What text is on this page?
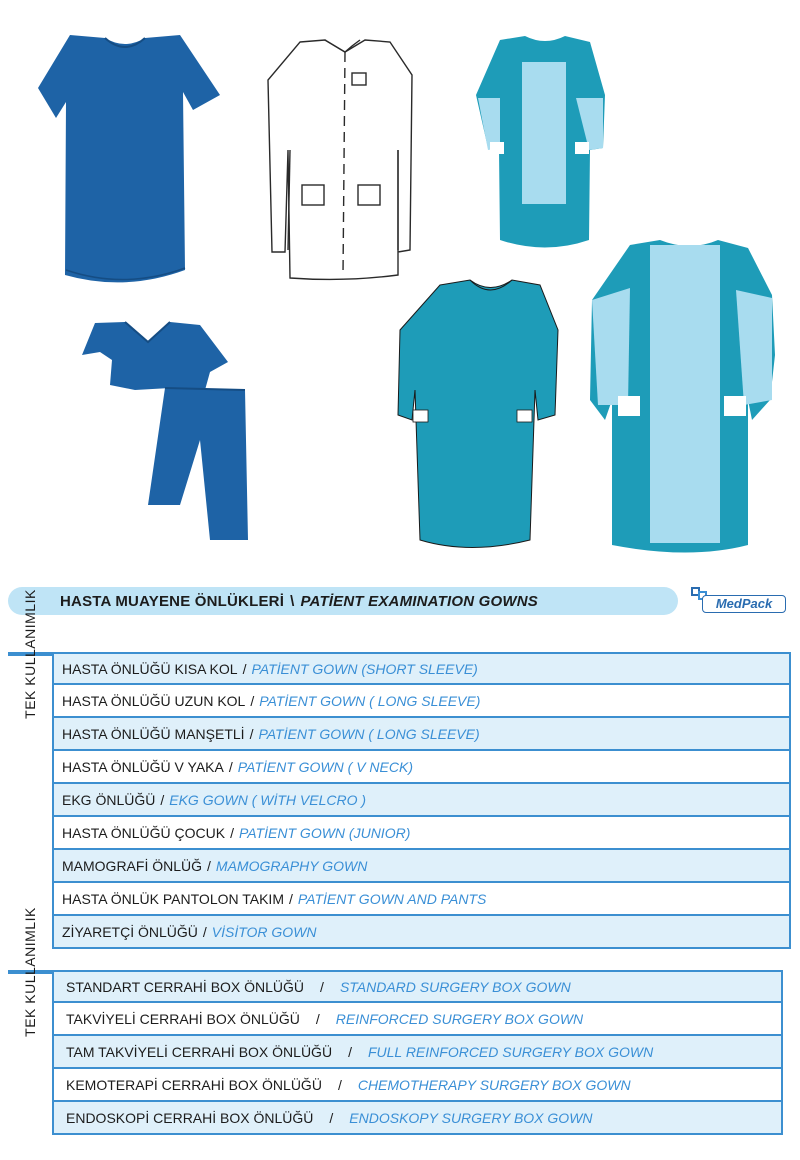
HASTA MUAYENE ÖNLÜKLERİ \ PATİENT EXAMINATION GOWNS	MedPack
TEK KULLANIMLIK HASTA ÖNLÜĞÜ KISA KOL / PATİENT GOWN (SHORT SLEEVE)
HASTA ÖNLÜĞÜ UZUN KOL / PATİENT GOWN ( LONG SLEEVE)
HASTA ÖNLÜĞÜ MANŞETLİ / PATİENT GOWN ( LONG SLEEVE)
HASTA ÖNLÜĞÜ V YAKA / PATİENT GOWN ( V NECK)
EKG ÖNLÜĞÜ / EKG GOWN ( WİTH VELCRO )
HASTA ÖNLÜĞÜ ÇOCUK / PATİENT GOWN (JUNIOR)
MAMOGRAFİ ÖNLÜĞ / MAMOGRAPHY GOWN
HASTA ÖNLÜK PANTOLON TAKIM / PATİENT GOWN AND PANTS
ZİYARETÇİ ÖNLÜĞÜ / VİSİTOR GOWN
TEK KULLANIMLIK STANDART CERRAHİ BOX ÖNLÜĞÜ / STANDARD SURGERY BOX GOWN
TAKVİYELİ CERRAHİ BOX ÖNLÜĞÜ / REINFORCED SURGERY BOX GOWN
TAM TAKVİYELİ CERRAHİ BOX ÖNLÜĞÜ / FULL REINFORCED SURGERY BOX GOWN
KEMOTERAPİ CERRAHİ BOX ÖNLÜĞÜ / CHEMOTHERAPY SURGERY BOX GOWN
ENDOSKOPİ CERRAHİ BOX ÖNLÜĞÜ / ENDOSKOPY SURGERY BOX GOWN
